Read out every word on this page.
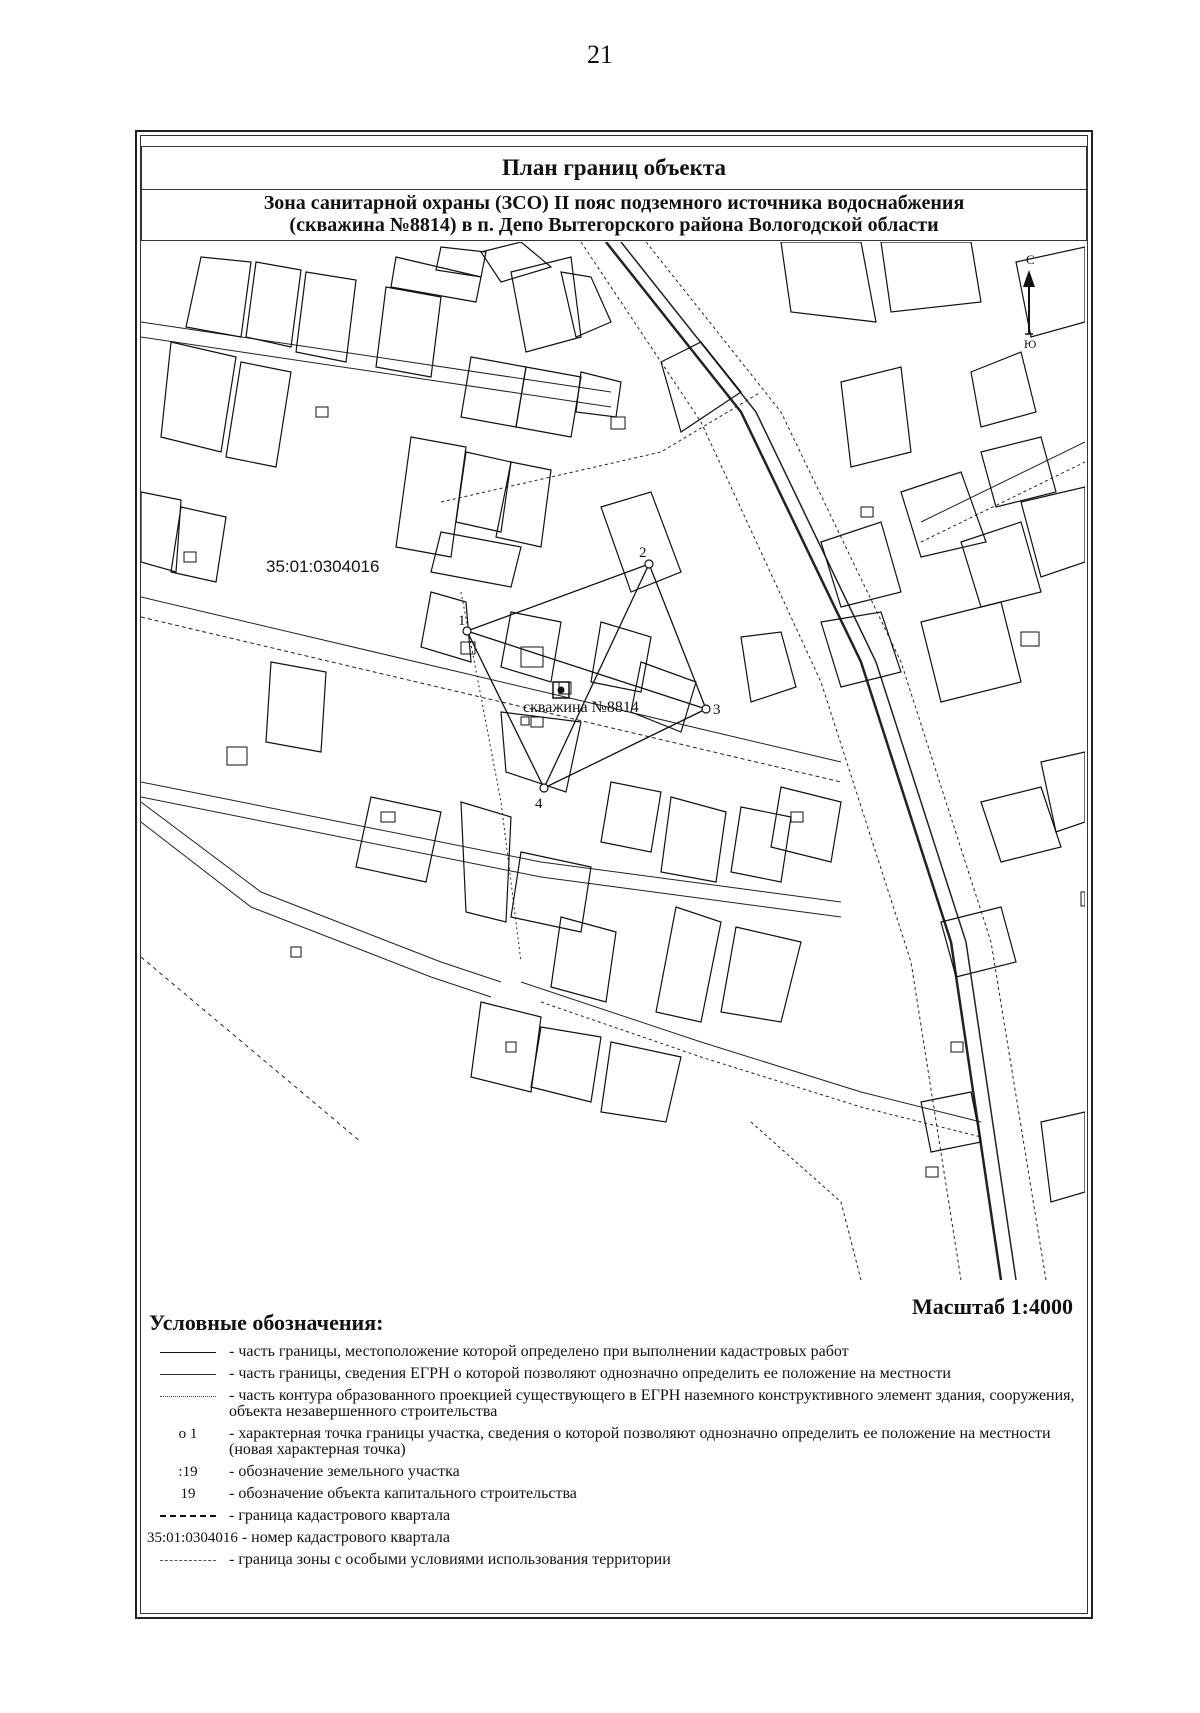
21
План границ объекта
Зона санитарной охраны (ЗСО) II пояс подземного источника водоснабжения
(скважина №8814) в п. Депо Вытегорского района Вологодской области
1
2
3
4
35:01:0304016
скважина №8814
С
Ю
Масштаб 1:4000
Условные обозначения:
- часть границы, местоположение которой определено при выполнении кадастровых работ
- часть границы, сведения ЕГРН о которой позволяют однозначно определить ее положение на местности
- часть контура образованного проекцией существующего в ЕГРН наземного конструктивного элемент здания, сооружения, объекта незавершенного строительства
о 1 - характерная точка границы участка, сведения о которой позволяют однозначно определить ее положение на местности (новая характерная точка)
:19 - обозначение земельного участка
19 - обозначение объекта капитального строительства
- граница кадастрового квартала
35:01:0304016 - номер кадастрового квартала
- граница зоны с особыми условиями использования территории
